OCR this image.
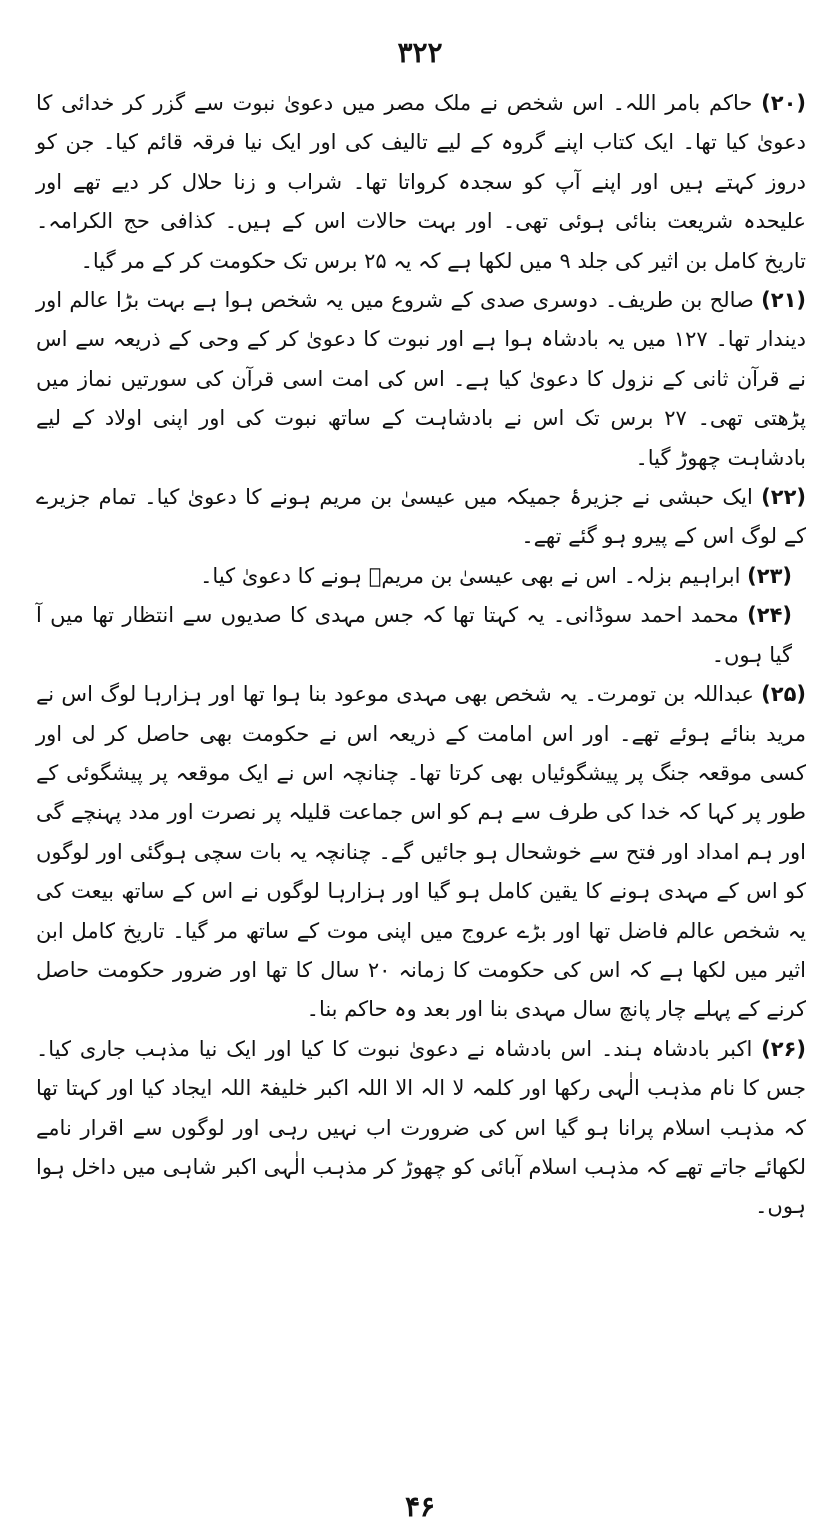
۳۲۲

(۲۰) حاکم بامر اللہ۔ اس شخص نے ملک مصر میں دعویٰ نبوت سے گزر کر خدائی کا دعویٰ کیا تھا۔ ایک کتاب اپنے گروہ کے لیے تالیف کی اور ایک نیا فرقہ قائم کیا۔ جن کو دروز کہتے ہیں اور اپنے آپ کو سجدہ کرواتا تھا۔ شراب و زنا حلال کر دیے تھے اور علیحدہ شریعت بنائی ہوئی تھی۔ اور بہت حالات اس کے ہیں۔ کذافی حج الکرامہ۔ تاریخ کامل بن اثیر کی جلد ۹ میں لکھا ہے کہ یہ ۲۵ برس تک حکومت کر کے مر گیا۔

(۲۱) صالح بن طریف۔ دوسری صدی کے شروع میں یہ شخص ہوا ہے بہت بڑا عالم اور دیندار تھا۔ ۱۲۷ میں یہ بادشاہ ہوا ہے اور نبوت کا دعویٰ کر کے وحی کے ذریعہ سے اس نے قرآن ثانی کے نزول کا دعویٰ کیا ہے۔ اس کی امت اسی قرآن کی سورتیں نماز میں پڑھتی تھی۔ ۲۷ برس تک اس نے بادشاہت کے ساتھ نبوت کی اور اپنی اولاد کے لیے بادشاہت چھوڑ گیا۔

(۲۲) ایک حبشی نے جزیرۂ جمیکہ میں عیسیٰ بن مریم ہونے کا دعویٰ کیا۔ تمام جزیرے کے لوگ اس کے پیرو ہو گئے تھے۔

(۲۳) ابراہیم بزلہ۔ اس نے بھی عیسیٰ بن مریمؑ ہونے کا دعویٰ کیا۔

(۲۴) محمد احمد سوڈانی۔ یہ کہتا تھا کہ جس مہدی کا صدیوں سے انتظار تھا میں آ گیا ہوں۔

(۲۵) عبداللہ بن تومرت۔ یہ شخص بھی مہدی موعود بنا ہوا تھا اور ہزارہا لوگ اس نے مرید بنائے ہوئے تھے۔ اور اس امامت کے ذریعہ اس نے حکومت بھی حاصل کر لی اور کسی موقعہ جنگ پر پیشگوئیاں بھی کرتا تھا۔ چنانچہ اس نے ایک موقعہ پر پیشگوئی کے طور پر کہا کہ خدا کی طرف سے ہم کو اس جماعت قلیلہ پر نصرت اور مدد پہنچے گی اور ہم امداد اور فتح سے خوشحال ہو جائیں گے۔ چنانچہ یہ بات سچی ہوگئی اور لوگوں کو اس کے مہدی ہونے کا یقین کامل ہو گیا اور ہزارہا لوگوں نے اس کے ساتھ بیعت کی یہ شخص عالم فاضل تھا اور بڑے عروج میں اپنی موت کے ساتھ مر گیا۔ تاریخ کامل ابن اثیر میں لکھا ہے کہ اس کی حکومت کا زمانہ ۲۰ سال کا تھا اور ضرور حکومت حاصل کرنے کے پہلے چار پانچ سال مہدی بنا اور بعد وہ حاکم بنا۔

(۲۶) اکبر بادشاہ ہند۔ اس بادشاہ نے دعویٰ نبوت کا کیا اور ایک نیا مذہب جاری کیا۔ جس کا نام مذہب الٰہی رکھا اور کلمہ لا الہ الا اللہ اکبر خلیفۃ اللہ ایجاد کیا اور کہتا تھا کہ مذہب اسلام پرانا ہو گیا اس کی ضرورت اب نہیں رہی اور لوگوں سے اقرار نامے لکھائے جاتے تھے کہ مذہب اسلام آبائی کو چھوڑ کر مذہب الٰہی اکبر شاہی میں داخل ہوا ہوں۔

۴۶
